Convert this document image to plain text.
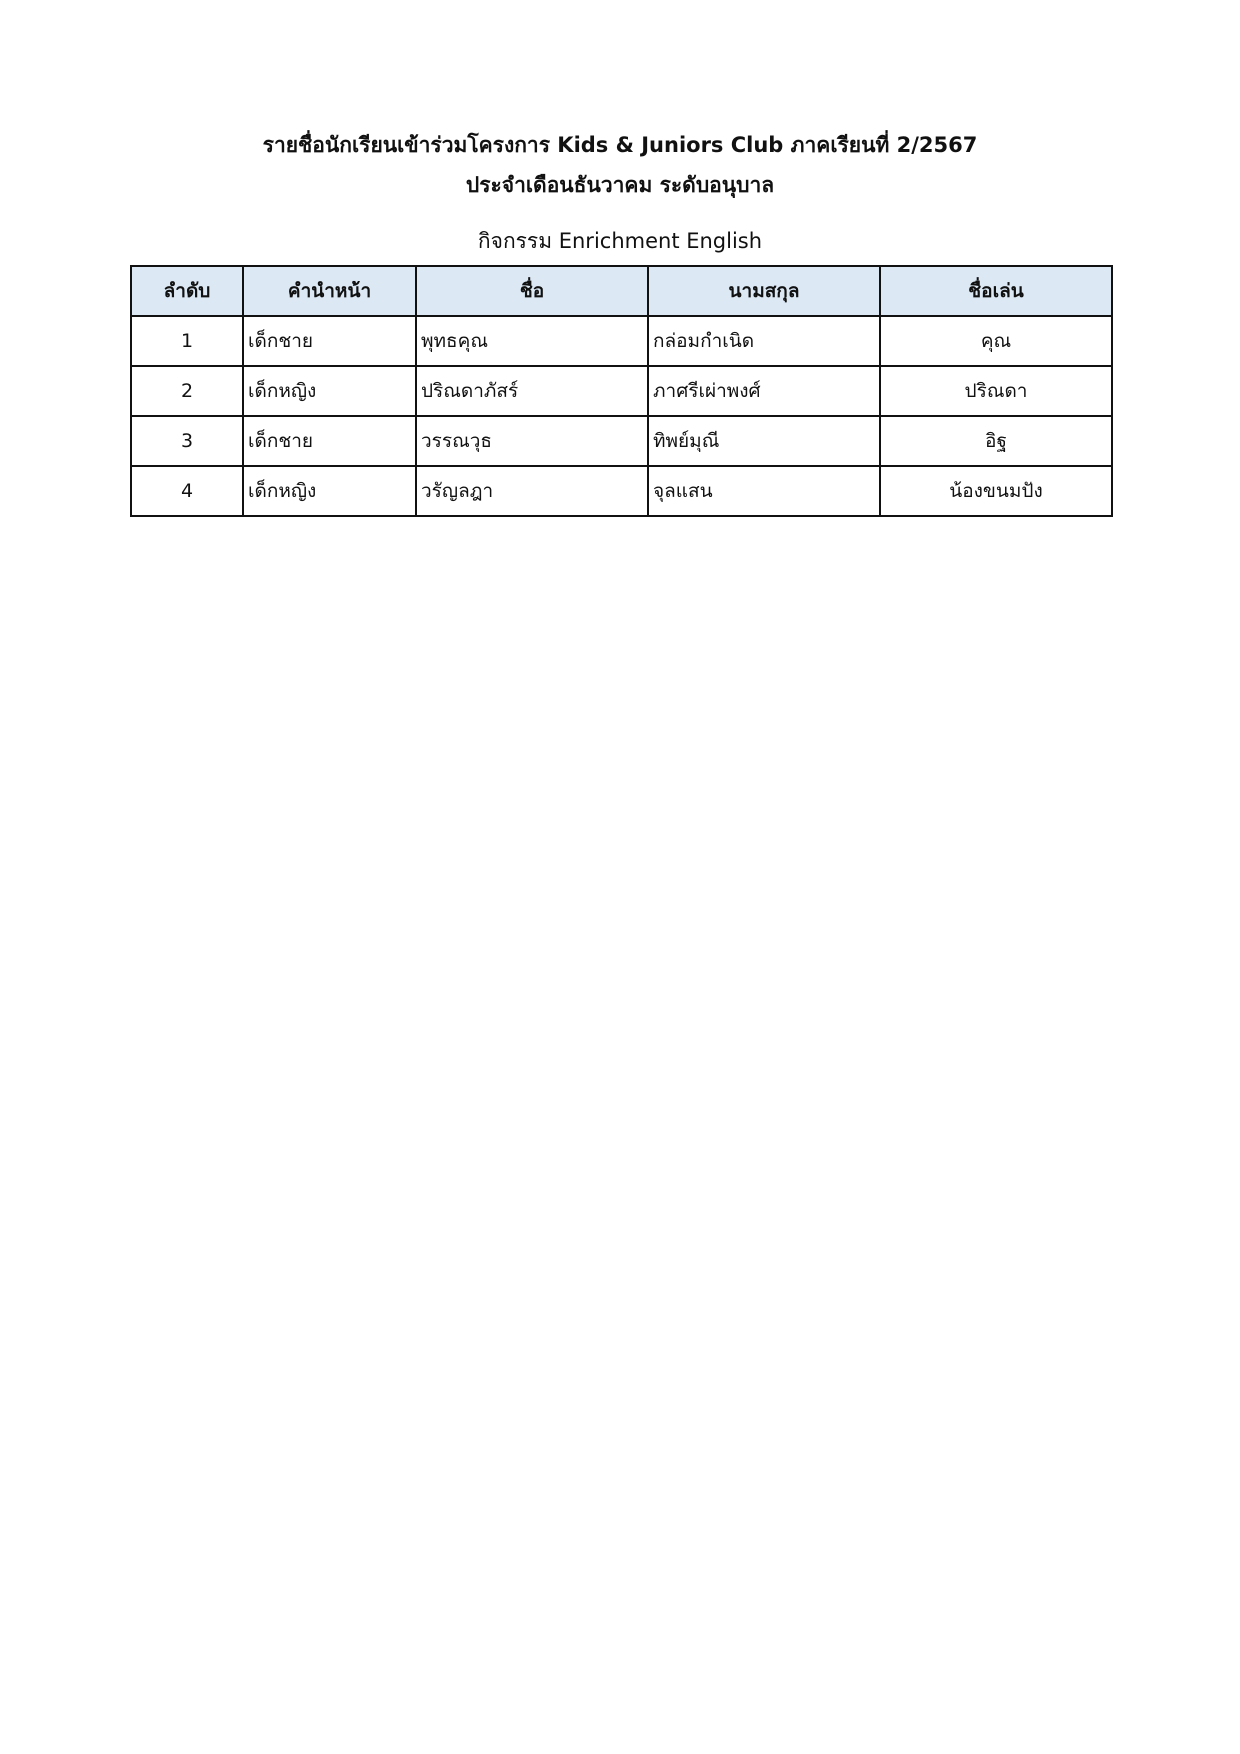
รายชื่อนักเรียนเข้าร่วมโครงการ Kids & Juniors Club ภาคเรียนที่ 2/2567
ประจำเดือนธันวาคม ระดับอนุบาล
กิจกรรม Enrichment English
ลำดับ	คำนำหน้า	ชื่อ	นามสกุล	ชื่อเล่น
1	เด็กชาย	พุทธคุณ	กล่อมกำเนิด	คุณ
2	เด็กหญิง	ปริณดาภัสร์	ภาศรีเผ่าพงศ์	ปริณดา
3	เด็กชาย	วรรณวุธ	ทิพย์มุณี	อิฐ
4	เด็กหญิง	วรัญลฎา	จุลแสน	น้องขนมปัง
